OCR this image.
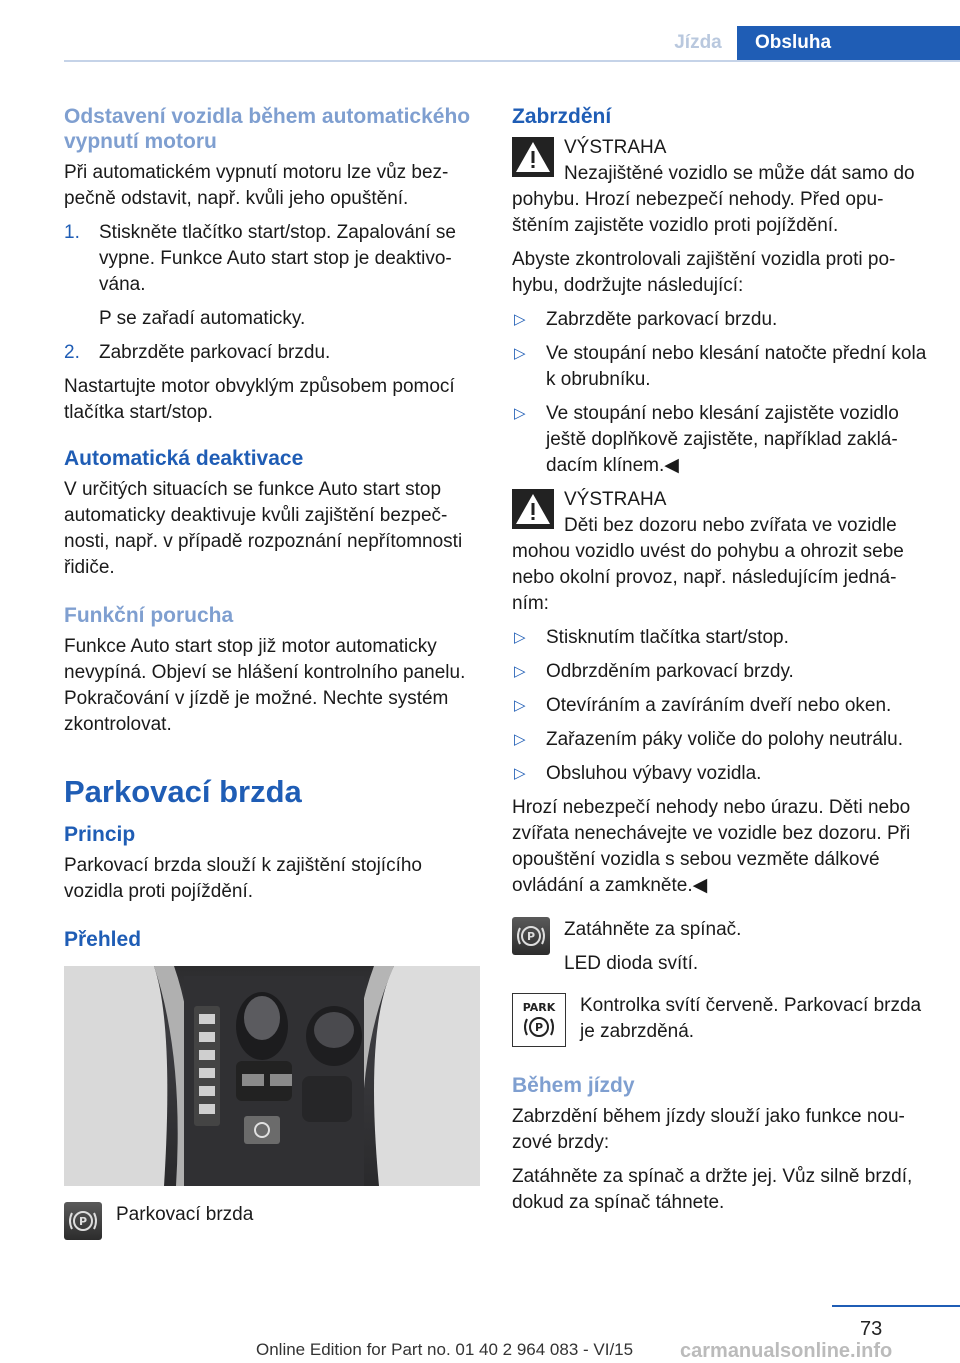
Jízda	Obsluha
Odstavení vozidla během automatického vypnutí motoru

Při automatickém vypnutí motoru lze vůz bez- pečně odstavit, např. kvůli jeho opuštění.

1. Stiskněte tlačítko start/stop. Zapalování se vypne. Funkce Auto start stop je deaktivo- vána.
P se zařadí automaticky.
2. Zabrzděte parkovací brzdu.

Nastartujte motor obvyklým způsobem pomocí tlačítka start/stop.

Automatická deaktivace

V určitých situacích se funkce Auto start stop automaticky deaktivuje kvůli zajištění bezpeč- nosti, např. v případě rozpoznání nepřítomnosti řidiče.

Funkční porucha

Funkce Auto start stop již motor automaticky nevypíná. Objeví se hlášení kontrolního panelu. Pokračování v jízdě je možné. Nechte systém zkontrolovat.

Parkovací brzda
Princip

Parkovací brzda slouží k zajištění stojícího vozidla proti pojíždění.

Přehled
P Parkovací brzda
Zabrzdění
VÝSTRAHA
Nezajištěné vozidlo se může dát samo do pohybu. Hrozí nebezpečí nehody. Před opu- štěním zajistěte vozidlo proti pojíždění.

Abyste zkontrolovali zajištění vozidla proti po- hybu, dodržujte následující:

▷ Zabrzděte parkovací brzdu.
▷ Ve stoupání nebo klesání natočte přední kola k obrubníku.
▷ Ve stoupání nebo klesání zajistěte vozidlo ještě doplňkově zajistěte, například zaklá- dacím klínem.◀
VÝSTRAHA
Děti bez dozoru nebo zvířata ve vozidle mohou vozidlo uvést do pohybu a ohrozit sebe nebo okolní provoz, např. následujícím jedná- ním:
▷ Stisknutím tlačítka start/stop.
▷ Odbrzděním parkovací brzdy.
▷ Otevíráním a zavíráním dveří nebo oken.
▷ Zařazením páky voliče do polohy neutrálu.
▷ Obsluhou výbavy vozidla.

Hrozí nebezpečí nehody nebo úrazu. Děti nebo zvířata nenechávejte ve vozidle bez dozoru. Při opouštění vozidla s sebou vezměte dálkové ovládání a zamkněte.◀

P Zatáhněte za spínač.

LED dioda svítí.

PARK
P

Kontrolka svítí červeně. Parkovací brzda je zabrzděná.

Během jízdy

Zabrzdění během jízdy slouží jako funkce nou- zové brzdy:

Zatáhněte za spínač a držte jej. Vůz silně brzdí, dokud za spínač táhnete.

73
Online Edition for Part no. 01 40 2 964 083 - VI/15 carmanualsonline.info
